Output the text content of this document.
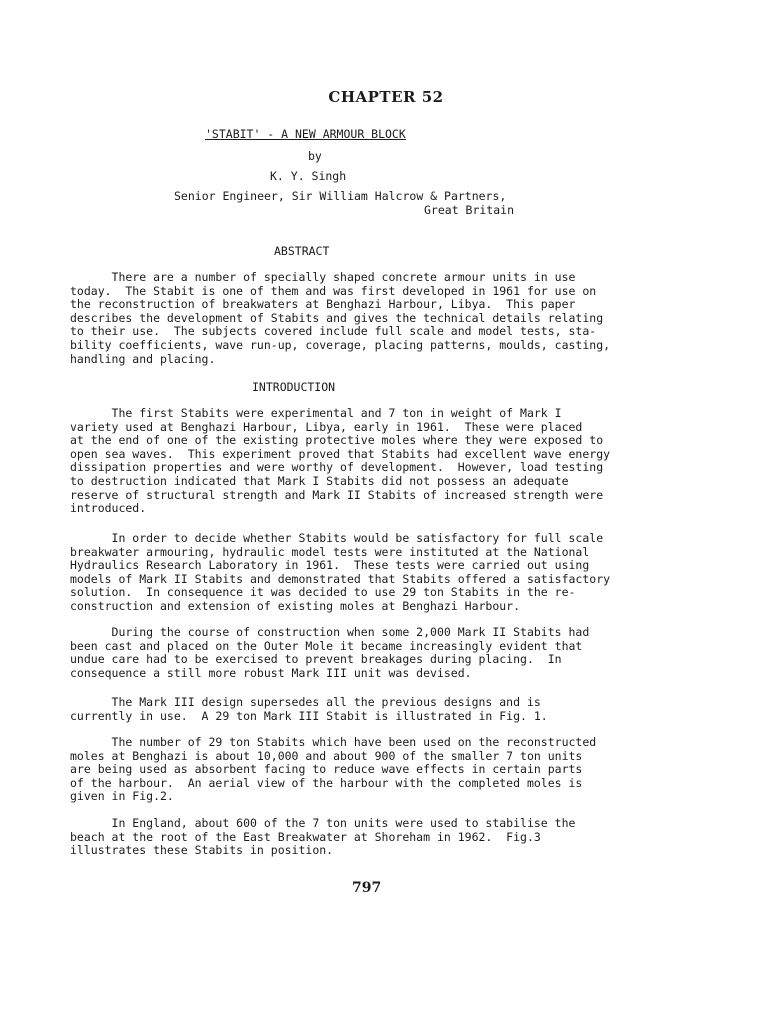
CHAPTER 52
'STABIT' - A NEW ARMOUR BLOCK
by
K. Y. Singh
Senior Engineer, Sir William Halcrow & Partners,
Great Britain
ABSTRACT
There are a number of specially shaped concrete armour units in use
today.  The Stabit is one of them and was first developed in 1961 for use on
the reconstruction of breakwaters at Benghazi Harbour, Libya.  This paper
describes the development of Stabits and gives the technical details relating
to their use.  The subjects covered include full scale and model tests, sta-
bility coefficients, wave run-up, coverage, placing patterns, moulds, casting,
handling and placing.
INTRODUCTION
The first Stabits were experimental and 7 ton in weight of Mark I
variety used at Benghazi Harbour, Libya, early in 1961.  These were placed
at the end of one of the existing protective moles where they were exposed to
open sea waves.  This experiment proved that Stabits had excellent wave energy
dissipation properties and were worthy of development.  However, load testing
to destruction indicated that Mark I Stabits did not possess an adequate
reserve of structural strength and Mark II Stabits of increased strength were
introduced.
In order to decide whether Stabits would be satisfactory for full scale
breakwater armouring, hydraulic model tests were instituted at the National
Hydraulics Research Laboratory in 1961.  These tests were carried out using
models of Mark II Stabits and demonstrated that Stabits offered a satisfactory
solution.  In consequence it was decided to use 29 ton Stabits in the re-
construction and extension of existing moles at Benghazi Harbour.
During the course of construction when some 2,000 Mark II Stabits had
been cast and placed on the Outer Mole it became increasingly evident that
undue care had to be exercised to prevent breakages during placing.  In
consequence a still more robust Mark III unit was devised.
The Mark III design supersedes all the previous designs and is
currently in use.  A 29 ton Mark III Stabit is illustrated in Fig. 1.
The number of 29 ton Stabits which have been used on the reconstructed
moles at Benghazi is about 10,000 and about 900 of the smaller 7 ton units
are being used as absorbent facing to reduce wave effects in certain parts
of the harbour.  An aerial view of the harbour with the completed moles is
given in Fig.2.
In England, about 600 of the 7 ton units were used to stabilise the
beach at the root of the East Breakwater at Shoreham in 1962.  Fig.3
illustrates these Stabits in position.
797
